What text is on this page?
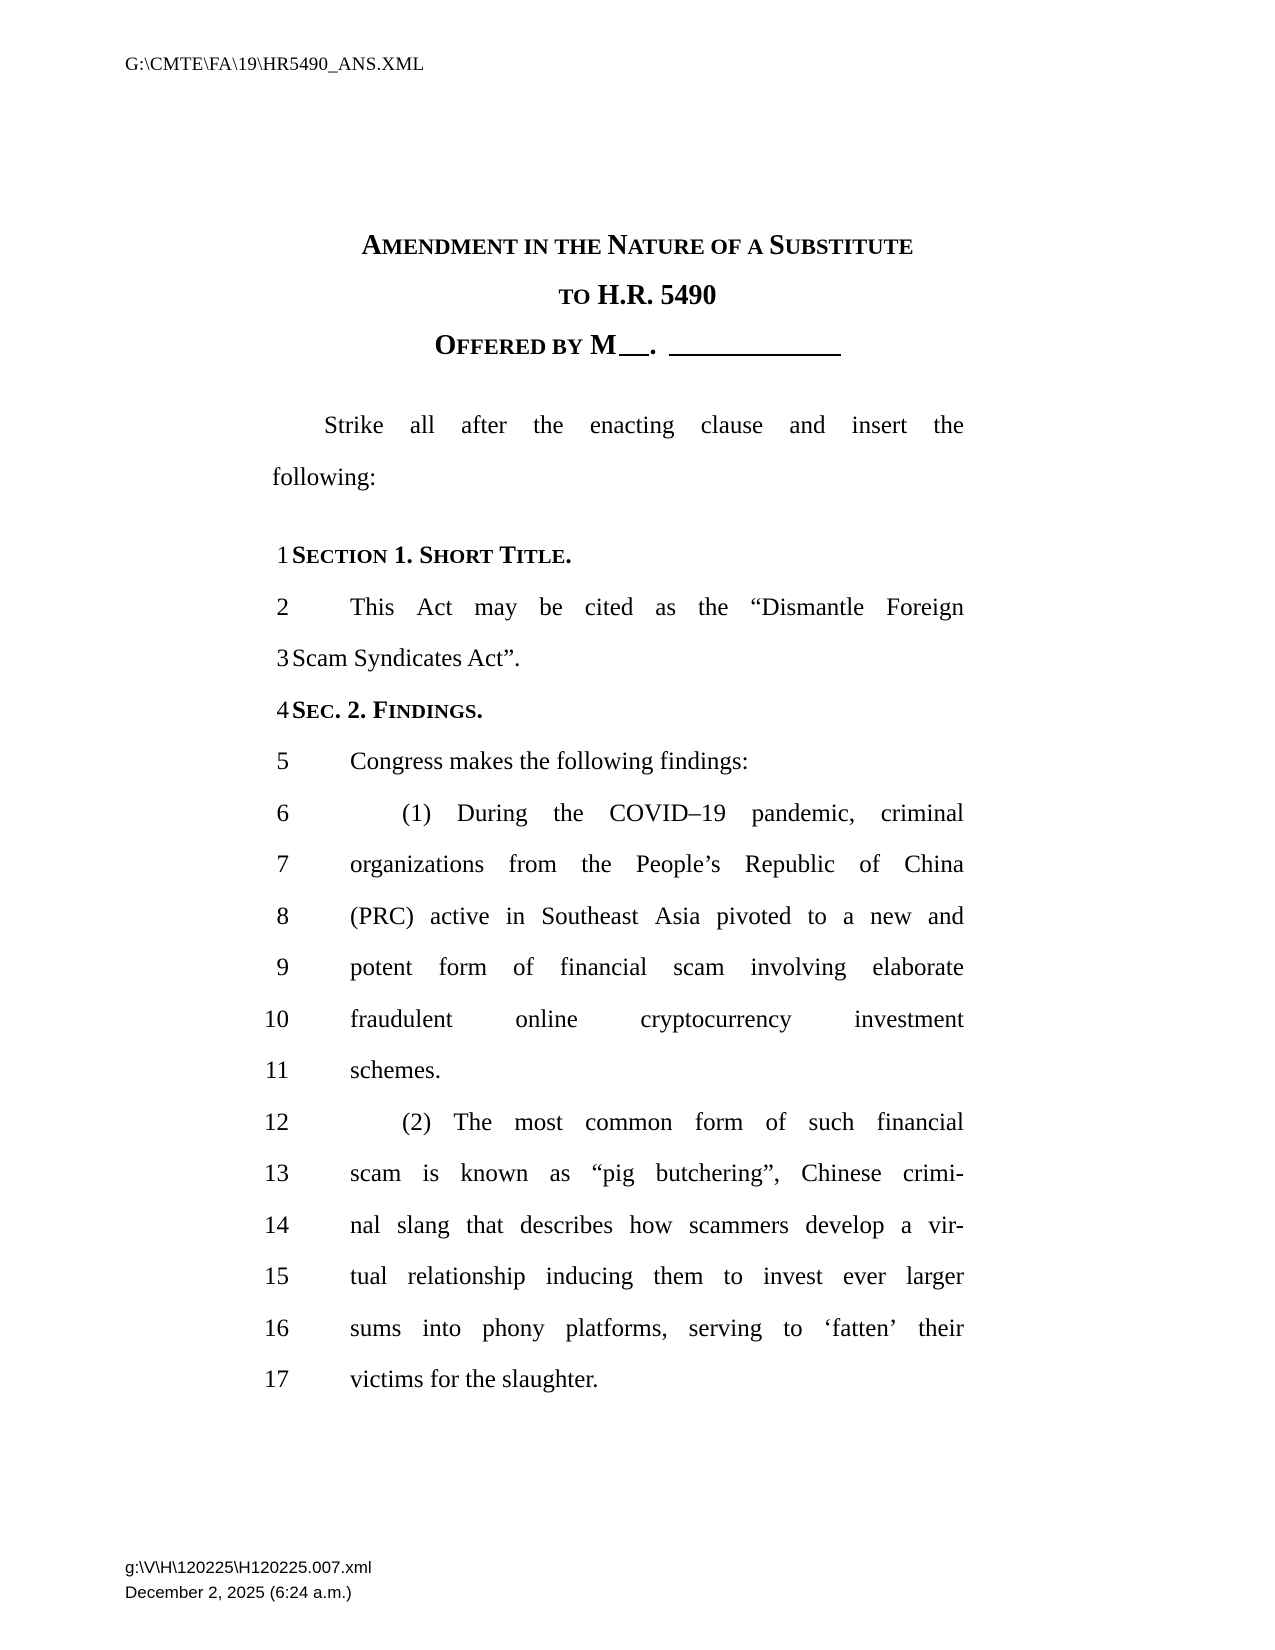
G:\CMTE\FA\19\HR5490_ANS.XML
AMENDMENT IN THE NATURE OF A SUBSTITUTE
TO H.R. 5490
OFFERED BY M .
Strike all after the enacting clause and insert the
following:
1 SECTION 1. SHORT TITLE.
2 This Act may be cited as the “Dismantle Foreign
3 Scam Syndicates Act”.
4 SEC. 2. FINDINGS.
5	Congress makes the following findings:
6	(1) During the COVID–19 pandemic, criminal
7 organizations from the People’s Republic of China
8 (PRC) active in Southeast Asia pivoted to a new and
9 potent form of financial scam involving elaborate
10 fraudulent	online	cryptocurrency	investment
11	schemes.
12	(2) The most common form of such financial
13 scam is known as “pig butchering”, Chinese crimi-
14 nal slang that describes how scammers develop a vir-
15 tual relationship inducing them to invest ever larger
16 sums into phony platforms, serving to ‘fatten’ their
17	victims for the slaughter.
g:\V\H\120225\H120225.007.xml
December 2, 2025 (6:24 a.m.)
